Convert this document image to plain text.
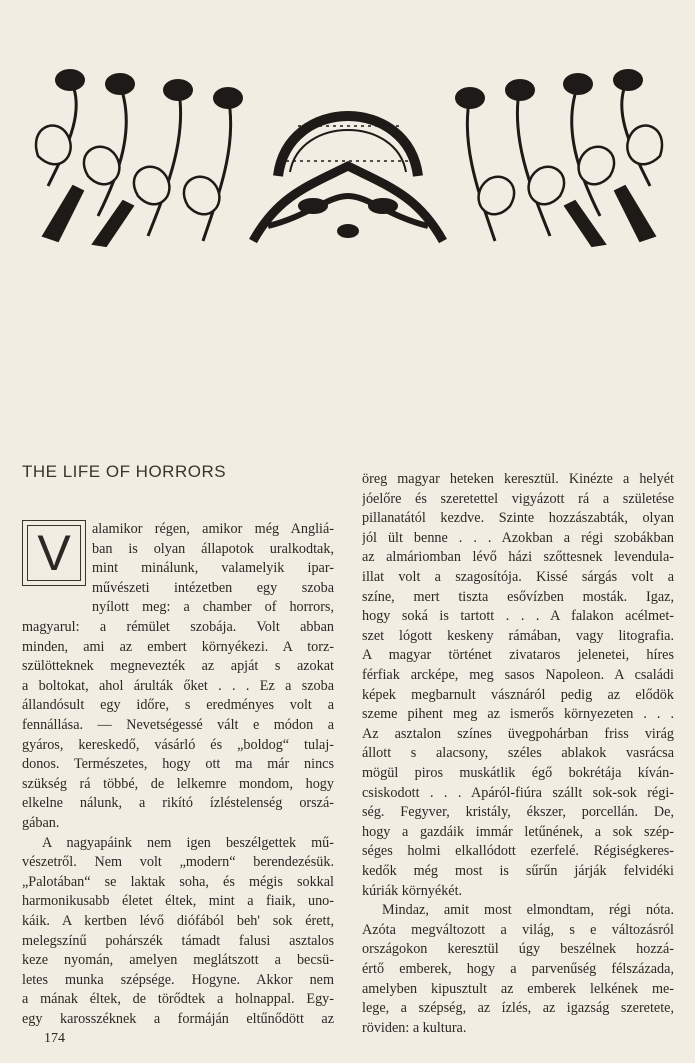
THE LIFE OF HORRORS
V alamikor régen, amikor még Angliá-
ban is olyan állapotok uralkodtak,
mint minálunk, valamelyik ipar-
művészeti intézetben egy szoba
nyílott meg: a chamber of horrors,
magyarul: a rémület szobája. Volt abban
minden, ami az embert környékezi. A torz-
szülötteknek megnevezték az apját s azokat
a boltokat, ahol árulták őket . . . Ez a szoba
állandósult egy időre, s eredményes volt a
fennállása. — Nevetségessé vált e módon a
gyáros, kereskedő, vásárló és „boldog“ tulaj-
donos. Természetes, hogy ott ma már nincs
szükség rá többé, de lelkemre mondom, hogy
elkelne nálunk, a rikító ízléstelenség orszá-
gában.
A nagyapáink nem igen beszélgettek mű-
vészetről. Nem volt „modern“ berendezésük.
„Palotában“ se laktak soha, és mégis sokkal
harmonikusabb életet éltek, mint a fiaik, uno-
káik. A kertben lévő diófából beh' sok érett,
melegszínű pohárszék támadt falusi asztalos
keze nyomán, amelyen meglátszott a becsü-
letes munka szépsége. Hogyne. Akkor nem
a mának éltek, de törődtek a holnappal. Egy-
egy karosszéknek a formáján eltűnődött az
öreg magyar heteken keresztül. Kinézte a helyét
jóelőre és szeretettel vigyázott rá a születése
pillanatától kezdve. Szinte hozzászabták, olyan
jól ült benne . . . Azokban a régi szobákban
az almáriomban lévő házi szőttesnek levendula-
illat volt a szagosítója. Kissé sárgás volt a
színe, mert tiszta esővízben mosták. Igaz,
hogy soká is tartott . . . A falakon acélmet-
szet lógott keskeny rámában, vagy litografia.
A magyar történet zivataros jelenetei, híres
férfiak arcképe, meg sasos Napoleon. A családi
képek megbarnult vásznáról pedig az elődök
szeme pihent meg az ismerős környezeten . . .
Az asztalon színes üvegpohárban friss virág
állott s alacsony, széles ablakok vasrácsa
mögül piros muskátlik égő bokrétája kíván-
csiskodott . . . Apáról-fiúra szállt sok-sok régi-
ség. Fegyver, kristály, ékszer, porcellán. De,
hogy a gazdáik immár letűnének, a sok szép-
séges holmi elkallódott ezerfelé. Régiségkeres-
kedők még most is sűrűn járják felvidéki
kúriák környékét.
Mindaz, amit most elmondtam, régi nóta.
Azóta megváltozott a világ, s e változásról
országokon keresztül úgy beszélnek hozzá-
értő emberek, hogy a parvenűség félszázada,
amelyben kipusztult az emberek lelkének me-
lege, a szépség, az ízlés, az igazság szeretete,
röviden: a kultura.
174
